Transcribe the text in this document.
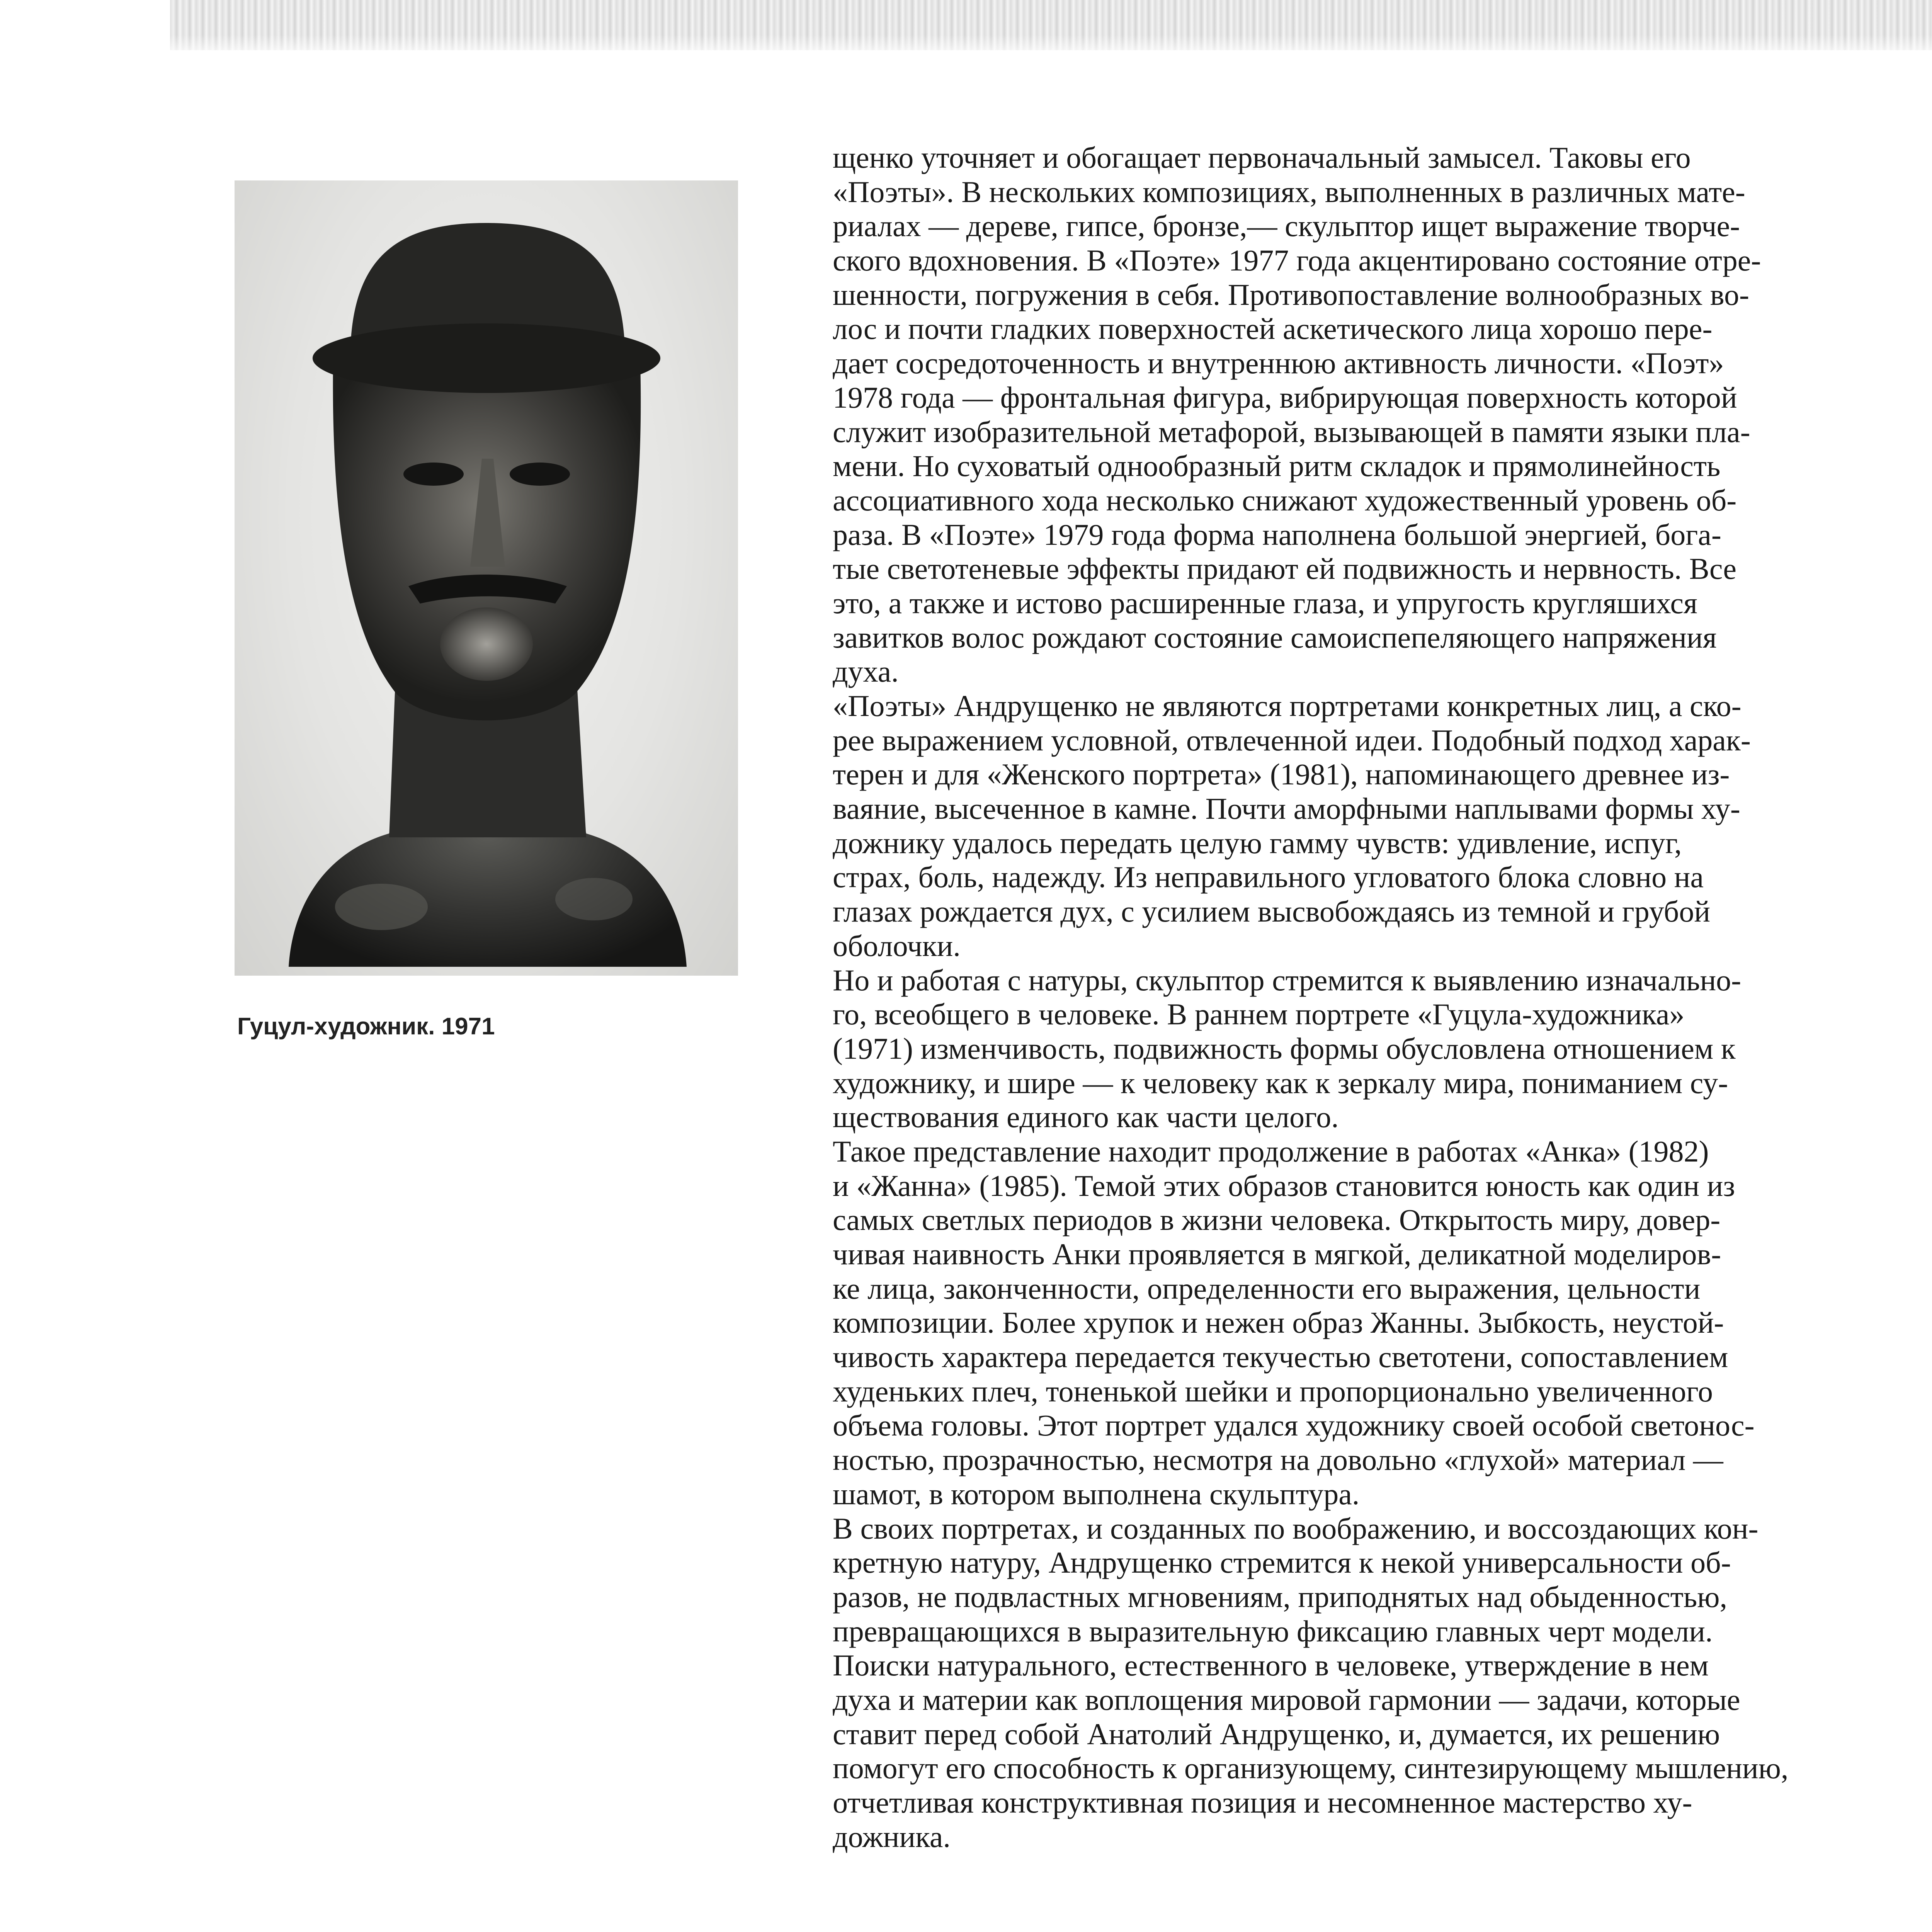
Гуцул-художник. 1971
щенко уточняет и обогащает первоначальный замысел. Таковы его
«Поэты». В нескольких композициях, выполненных в различных мате-
риалах — дереве, гипсе, бронзе,— скульптор ищет выражение творче-
ского вдохновения. В «Поэте» 1977 года акцентировано состояние отре-
шенности, погружения в себя. Противопоставление волнообразных во-
лос и почти гладких поверхностей аскетического лица хорошо пере-
дает сосредоточенность и внутреннюю активность личности. «Поэт»
1978 года — фронтальная фигура, вибрирующая поверхность которой
служит изобразительной метафорой, вызывающей в памяти языки пла-
мени. Но суховатый однообразный ритм складок и прямолинейность
ассоциативного хода несколько снижают художественный уровень об-
раза. В «Поэте» 1979 года форма наполнена большой энергией, бога-
тые светотеневые эффекты придают ей подвижность и нервность. Все
это, а также и истово расширенные глаза, и упругость кругляшихся
завитков волос рождают состояние самоиспепеляющего напряжения
духа.
«Поэты» Андрущенко не являются портретами конкретных лиц, а ско-
рее выражением условной, отвлеченной идеи. Подобный подход харак-
терен и для «Женского портрета» (1981), напоминающего древнее из-
ваяние, высеченное в камне. Почти аморфными наплывами формы ху-
дожнику удалось передать целую гамму чувств: удивление, испуг,
страх, боль, надежду. Из неправильного угловатого блока словно на
глазах рождается дух, с усилием высвобождаясь из темной и грубой
оболочки.
Но и работая с натуры, скульптор стремится к выявлению изначально-
го, всеобщего в человеке. В раннем портрете «Гуцула-художника»
(1971) изменчивость, подвижность формы обусловлена отношением к
художнику, и шире — к человеку как к зеркалу мира, пониманием су-
ществования единого как части целого.
Такое представление находит продолжение в работах «Анка» (1982)
и «Жанна» (1985). Темой этих образов становится юность как один из
самых светлых периодов в жизни человека. Открытость миру, довер-
чивая наивность Анки проявляется в мягкой, деликатной моделиров-
ке лица, законченности, определенности его выражения, цельности
композиции. Более хрупок и нежен образ Жанны. Зыбкость, неустой-
чивость характера передается текучестью светотени, сопоставлением
худеньких плеч, тоненькой шейки и пропорционально увеличенного
объема головы. Этот портрет удался художнику своей особой светонос-
ностью, прозрачностью, несмотря на довольно «глухой» материал —
шамот, в котором выполнена скульптура.
В своих портретах, и созданных по воображению, и воссоздающих кон-
кретную натуру, Андрущенко стремится к некой универсальности об-
разов, не подвластных мгновениям, приподнятых над обыденностью,
превращающихся в выразительную фиксацию главных черт модели.
Поиски натурального, естественного в человеке, утверждение в нем
духа и материи как воплощения мировой гармонии — задачи, которые
ставит перед собой Анатолий Андрущенко, и, думается, их решению
помогут его способность к организующему, синтезирующему мышлению,
отчетливая конструктивная позиция и несомненное мастерство ху-
дожника.
